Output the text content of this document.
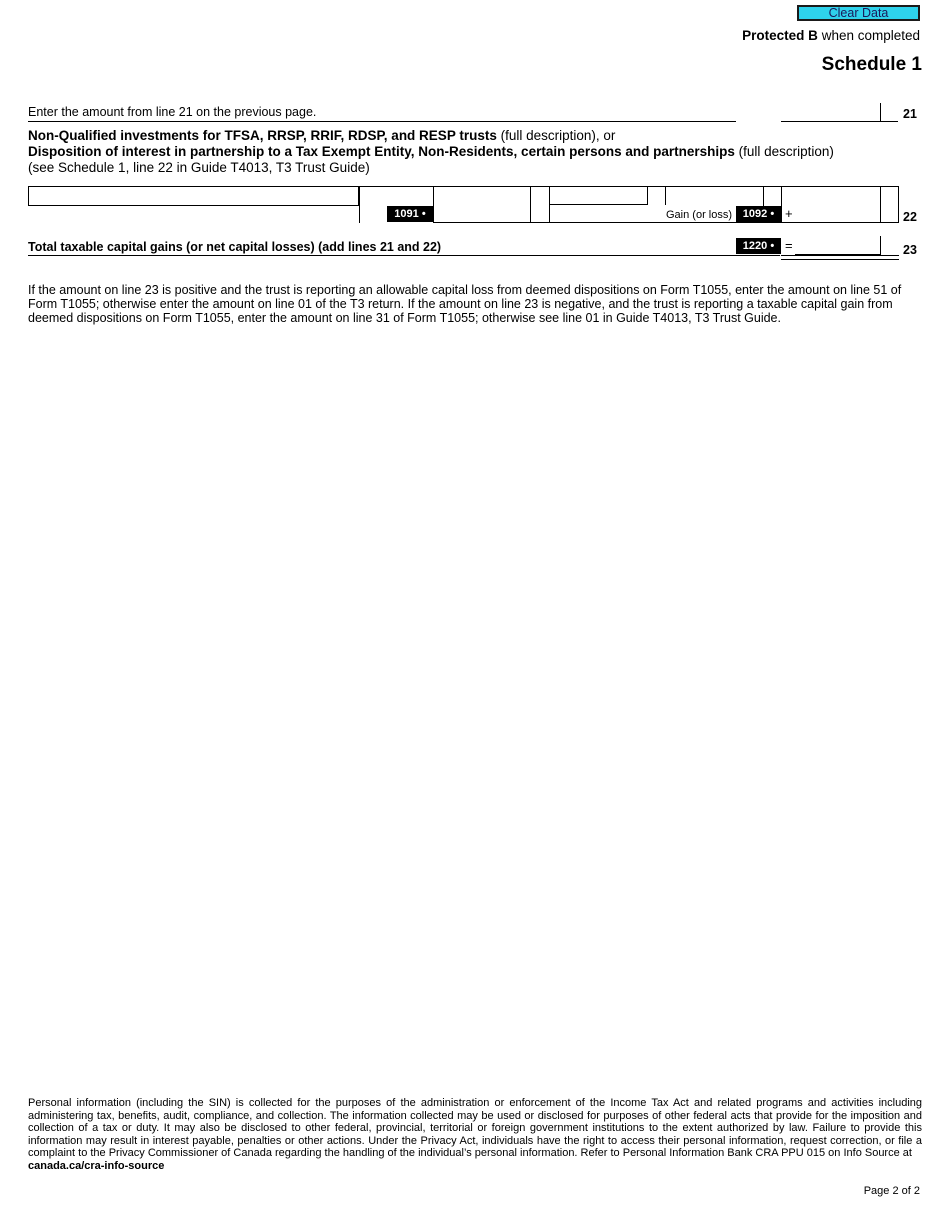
Clear Data
Protected B when completed
Schedule 1
Enter the amount from line 21 on the previous page.	21
Non-Qualified investments for TFSA, RRSP, RRIF, RDSP, and RESP trusts (full description), or
Disposition of interest in partnership to a Tax Exempt Entity, Non-Residents, certain persons and partnerships (full description)
(see Schedule 1, line 22 in Guide T4013, T3 Trust Guide)
1091 •	Gain (or loss) 1092 • +	22
Total taxable capital gains (or net capital losses) (add lines 21 and 22)	1220 • =	23
If the amount on line 23 is positive and the trust is reporting an allowable capital loss from deemed dispositions on Form T1055, enter the amount on line 51 of Form T1055; otherwise enter the amount on line 01 of the T3 return. If the amount on line 23 is negative, and the trust is reporting a taxable capital gain from deemed dispositions on Form T1055, enter the amount on line 31 of Form T1055; otherwise see line 01 in Guide T4013, T3 Trust Guide.
Personal information (including the SIN) is collected for the purposes of the administration or enforcement of the Income Tax Act and related programs and activities including administering tax, benefits, audit, compliance, and collection. The information collected may be used or disclosed for purposes of other federal acts that provide for the imposition and collection of a tax or duty. It may also be disclosed to other federal, provincial, territorial or foreign government institutions to the extent authorized by law. Failure to provide this information may result in interest payable, penalties or other actions. Under the Privacy Act, individuals have the right to access their personal information, request correction, or file a complaint to the Privacy Commissioner of Canada regarding the handling of the individual’s personal information. Refer to Personal Information Bank CRA PPU 015 on Info Source at
canada.ca/cra-info-source
Page 2 of 2
